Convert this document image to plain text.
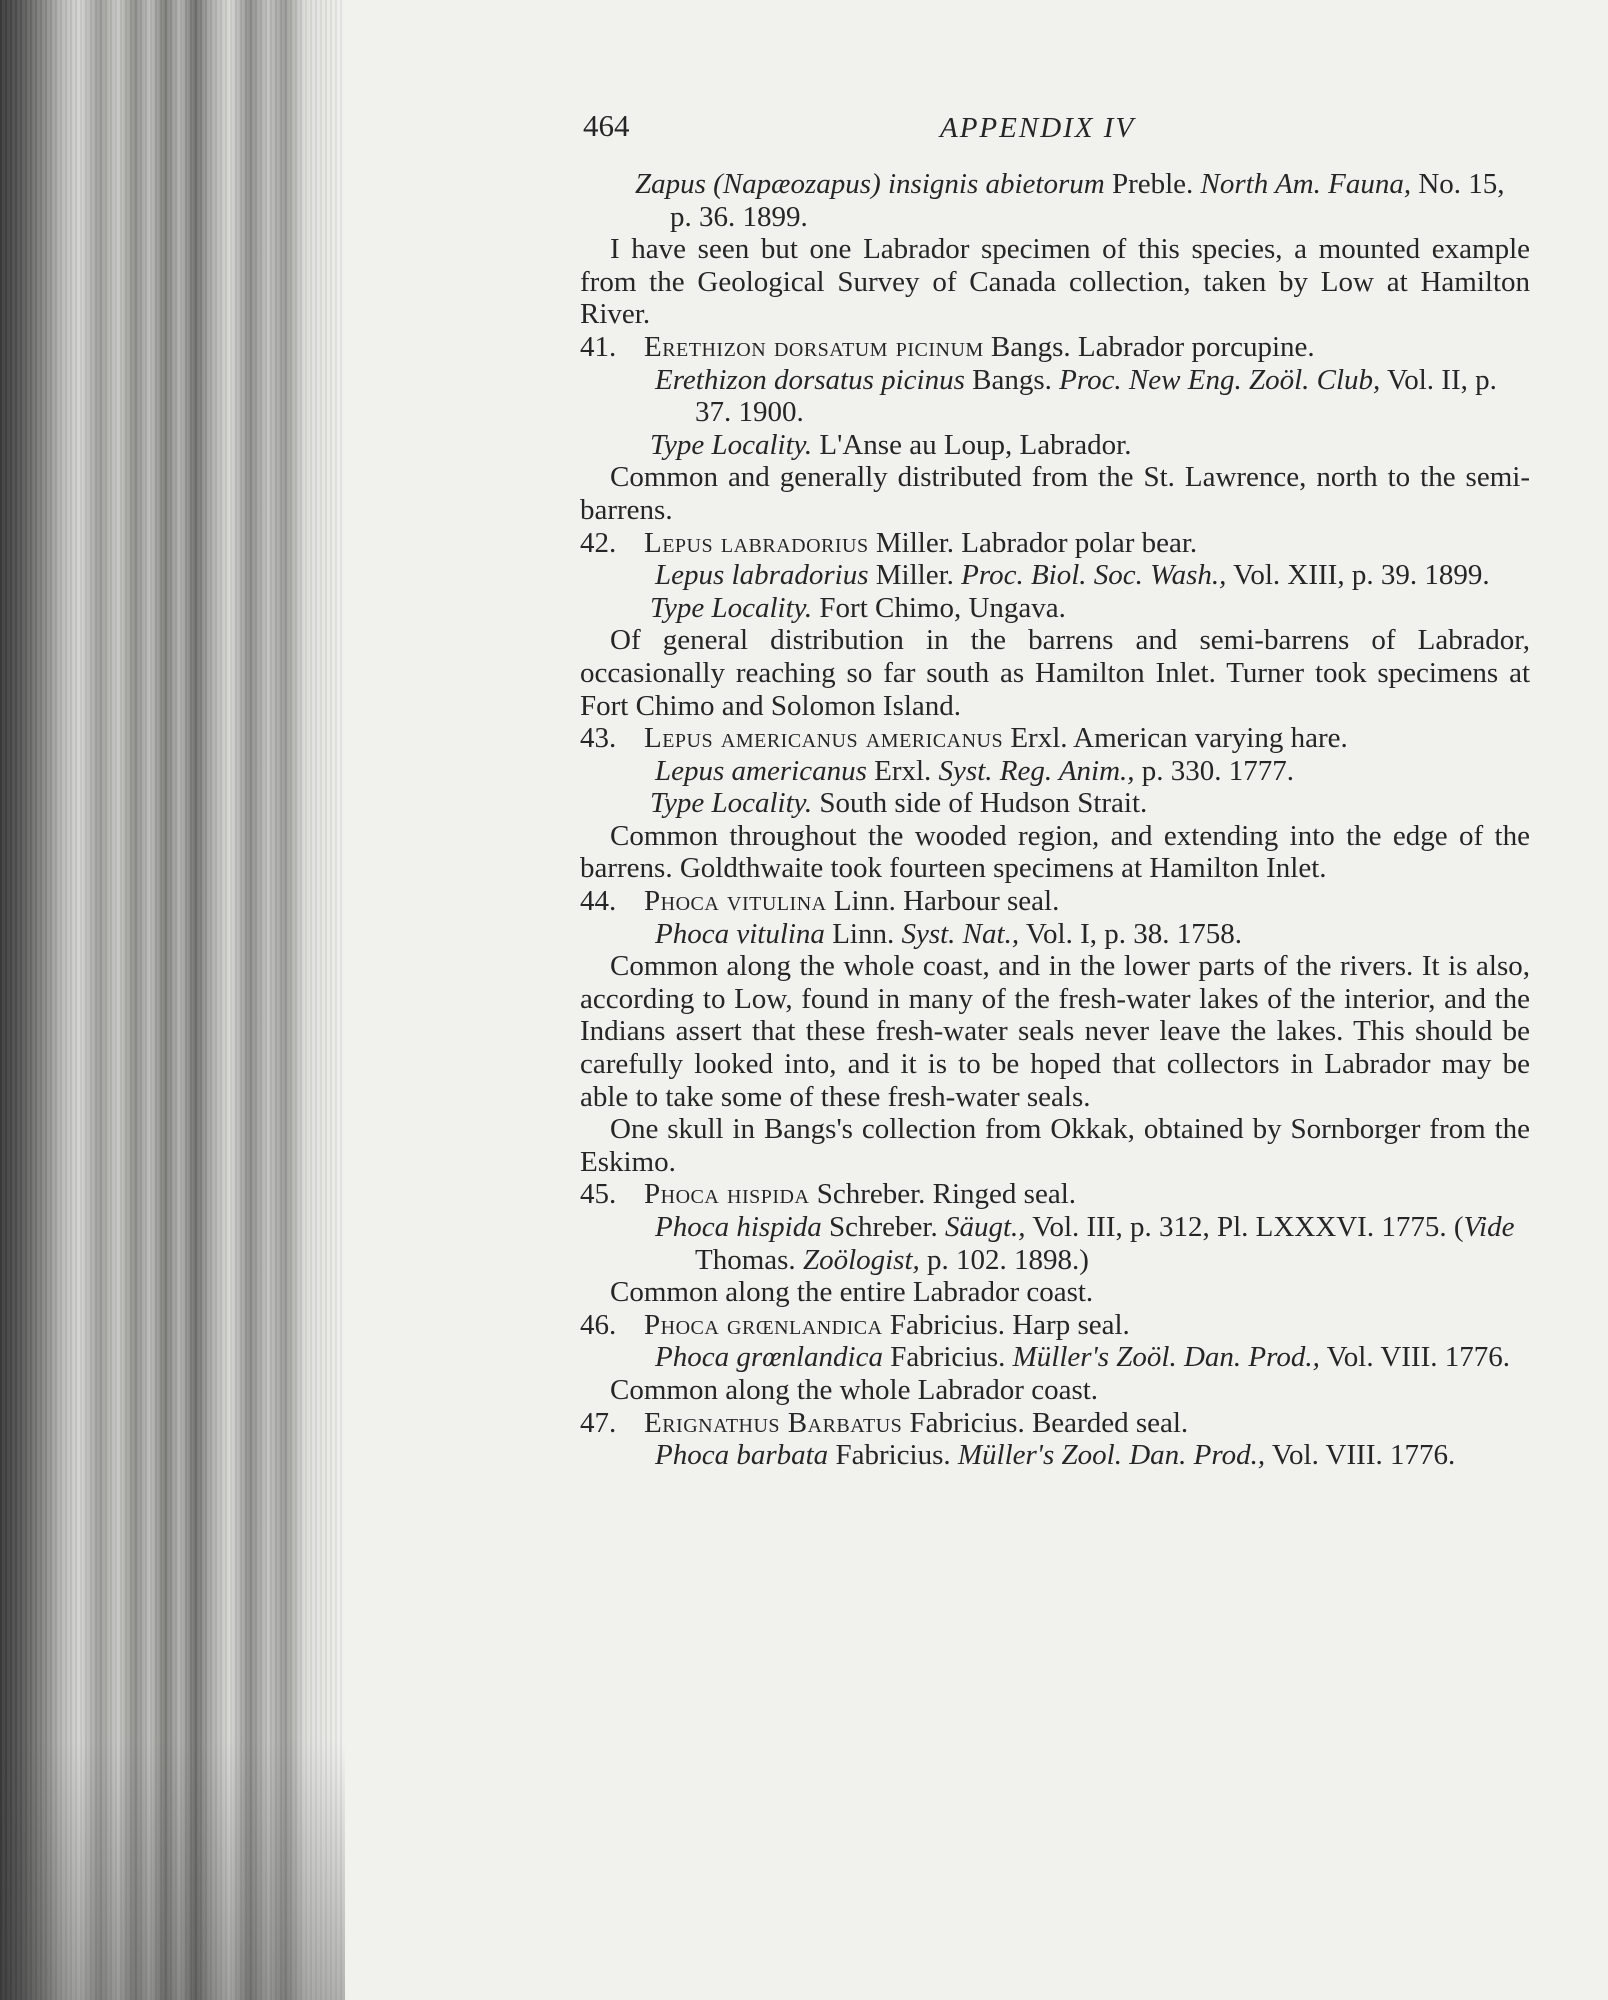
464	APPENDIX IV

Zapus (Napæozapus) insignis abietorum Preble. North Am. Fauna, No. 15, p. 36. 1899.

I have seen but one Labrador specimen of this species, a mounted example from the Geological Survey of Canada collection, taken by Low at Hamilton River.

41. Erethizon dorsatum picinum Bangs. Labrador porcupine.

Erethizon dorsatus picinus Bangs. Proc. New Eng. Zoöl. Club, Vol. II, p. 37. 1900.

Type Locality. L'Anse au Loup, Labrador.

Common and generally distributed from the St. Lawrence, north to the semi-barrens.

42. Lepus labradorius Miller. Labrador polar bear.

Lepus labradorius Miller. Proc. Biol. Soc. Wash., Vol. XIII, p. 39. 1899.

Type Locality. Fort Chimo, Ungava.

Of general distribution in the barrens and semi-barrens of Labrador, occasionally reaching so far south as Hamilton Inlet. Turner took specimens at Fort Chimo and Solomon Island.

43. Lepus americanus americanus Erxl. American varying hare.

Lepus americanus Erxl. Syst. Reg. Anim., p. 330. 1777.

Type Locality. South side of Hudson Strait.

Common throughout the wooded region, and extending into the edge of the barrens. Goldthwaite took fourteen specimens at Hamilton Inlet.

44. Phoca vitulina Linn. Harbour seal.

Phoca vitulina Linn. Syst. Nat., Vol. I, p. 38. 1758.

Common along the whole coast, and in the lower parts of the rivers. It is also, according to Low, found in many of the fresh-water lakes of the interior, and the Indians assert that these fresh-water seals never leave the lakes. This should be carefully looked into, and it is to be hoped that collectors in Labrador may be able to take some of these fresh-water seals.

One skull in Bangs's collection from Okkak, obtained by Sornborger from the Eskimo.

45. Phoca hispida Schreber. Ringed seal.

Phoca hispida Schreber. Säugt., Vol. III, p. 312, Pl. LXXXVI. 1775. (Vide Thomas. Zoölogist, p. 102. 1898.)

Common along the entire Labrador coast.

46. Phoca grœnlandica Fabricius. Harp seal.

Phoca grœnlandica Fabricius. Müller's Zoöl. Dan. Prod., Vol. VIII. 1776.

Common along the whole Labrador coast.

47. Erignathus Barbatus Fabricius. Bearded seal.

Phoca barbata Fabricius. Müller's Zool. Dan. Prod., Vol. VIII. 1776.
